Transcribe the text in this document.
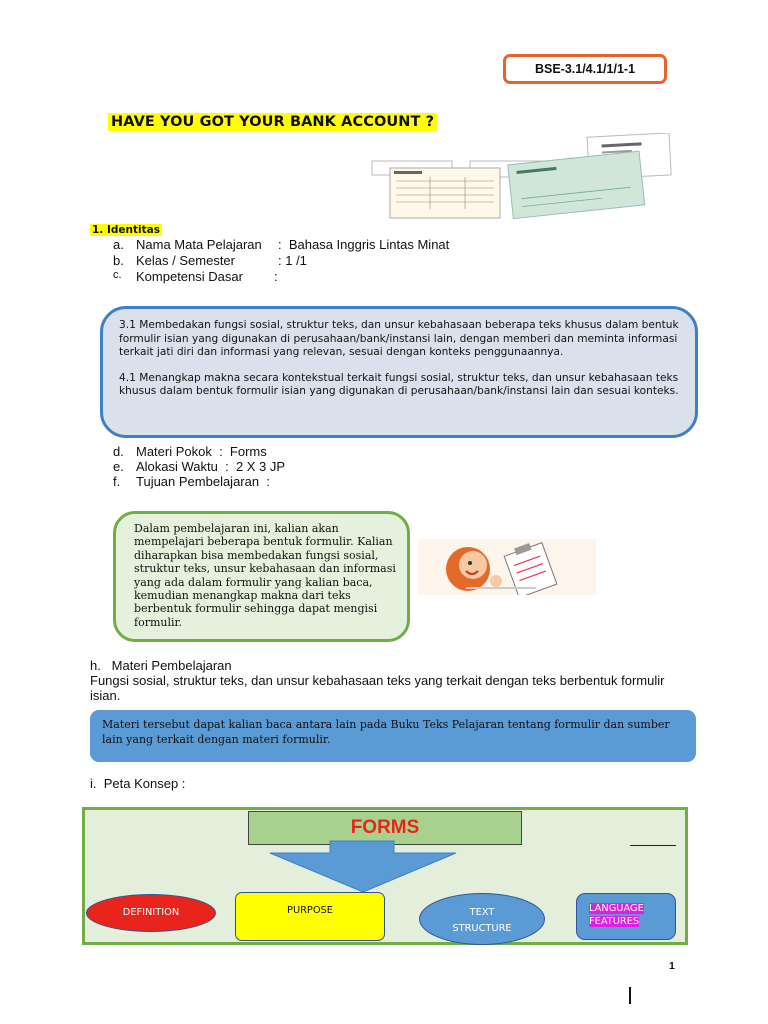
BSE-3.1/4.1/1/1-1
HAVE YOU GOT YOUR BANK ACCOUNT ?
1. Identitas
a. Nama Mata Pelajaran :  Bahasa Inggris Lintas Minat
b. Kelas / Semester	: 1 /1
c. Kompetensi Dasar :

3.1 Membedakan fungsi sosial, struktur teks, dan unsur kebahasaan beberapa teks khusus dalam bentuk formulir isian yang digunakan di perusahaan/bank/instansi lain, dengan memberi dan meminta informasi terkait jati diri dan informasi yang relevan, sesuai dengan konteks penggunaannya.

4.1 Menangkap makna secara kontekstual terkait fungsi sosial, struktur teks, dan unsur kebahasaan teks khusus dalam bentuk formulir isian yang digunakan di perusahaan/bank/instansi lain dan sesuai konteks.

d. Materi Pokok  :  Forms
e. Alokasi Waktu  :  2 X 3 JP
f. Tujuan Pembelajaran  :
Dalam pembelajaran ini, kalian akan mempelajari beberapa bentuk formulir. Kalian diharapkan bisa membedakan fungsi sosial, struktur teks, unsur kebahasaan dan informasi yang ada dalam formulir yang kalian baca, kemudian menangkap makna dari teks berbentuk formulir sehingga dapat mengisi formulir.
h.   Materi Pembelajaran
Fungsi sosial, struktur teks, dan unsur kebahasaan teks yang terkait dengan teks berbentuk formulir isian.
Materi tersebut dapat kalian baca antara lain pada Buku Teks Pelajaran tentang formulir dan sumber lain yang terkait dengan materi formulir.
i.  Peta Konsep :
FORMS
DEFINITION	PURPOSE	TEXT
STRUCTURE
LANGUAGE
FEATURES
1
